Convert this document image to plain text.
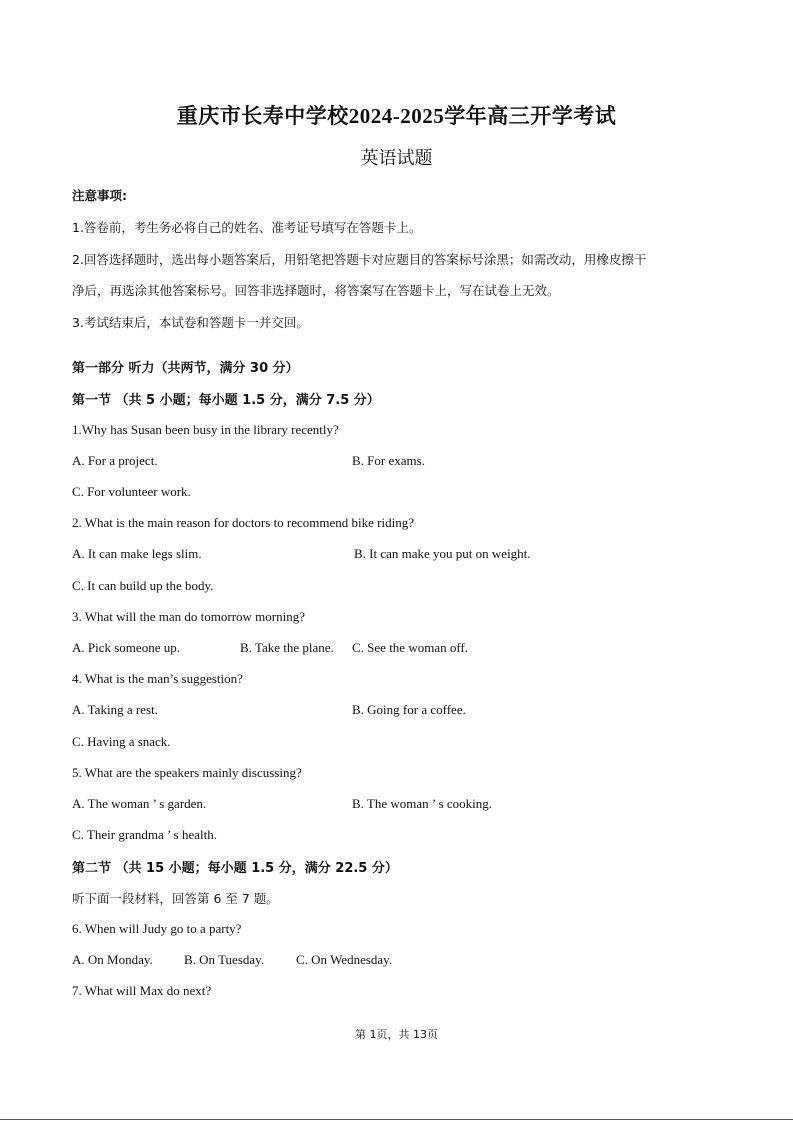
重庆市长寿中学校2024-2025学年高三开学考试
英语试题
注意事项:
1.答卷前，考生务必将自己的姓名、准考证号填写在答题卡上。
2.回答选择题时，选出每小题答案后，用铅笔把答题卡对应题目的答案标号涂黑；如需改动，用橡皮擦干
净后，再选涂其他答案标号。回答非选择题时，将答案写在答题卡上，写在试卷上无效。
3.考试结束后，本试卷和答题卡一并交回。
第一部分 听力（共两节，满分 30 分）
第一节 （共 5 小题；每小题 1.5 分，满分 7.5 分）
1.Why has Susan been busy in the library recently?
A. For a project.	B. For exams.
C. For volunteer work.
2. What is the main reason for doctors to recommend bike riding?
A. It can make legs slim.	B. It can make you put on weight.
C. It can build up the body.
3. What will the man do tomorrow morning?
A. Pick someone up.	B. Take the plane. C. See the woman off.
4. What is the man’s suggestion?
A. Taking a rest.	B. Going for a coffee.
C. Having a snack.
5. What are the speakers mainly discussing?
A. The woman ’ s garden.	B. The woman ’ s cooking.
C. Their grandma ’ s health.
第二节 （共 15 小题；每小题 1.5 分，满分 22.5 分）
听下面一段材料，回答第 6 至 7 题。
6. When will Judy go to a party?
A. On Monday. B. On Tuesday. C. On Wednesday.
7. What will Max do next?
第 1页，共 13页
